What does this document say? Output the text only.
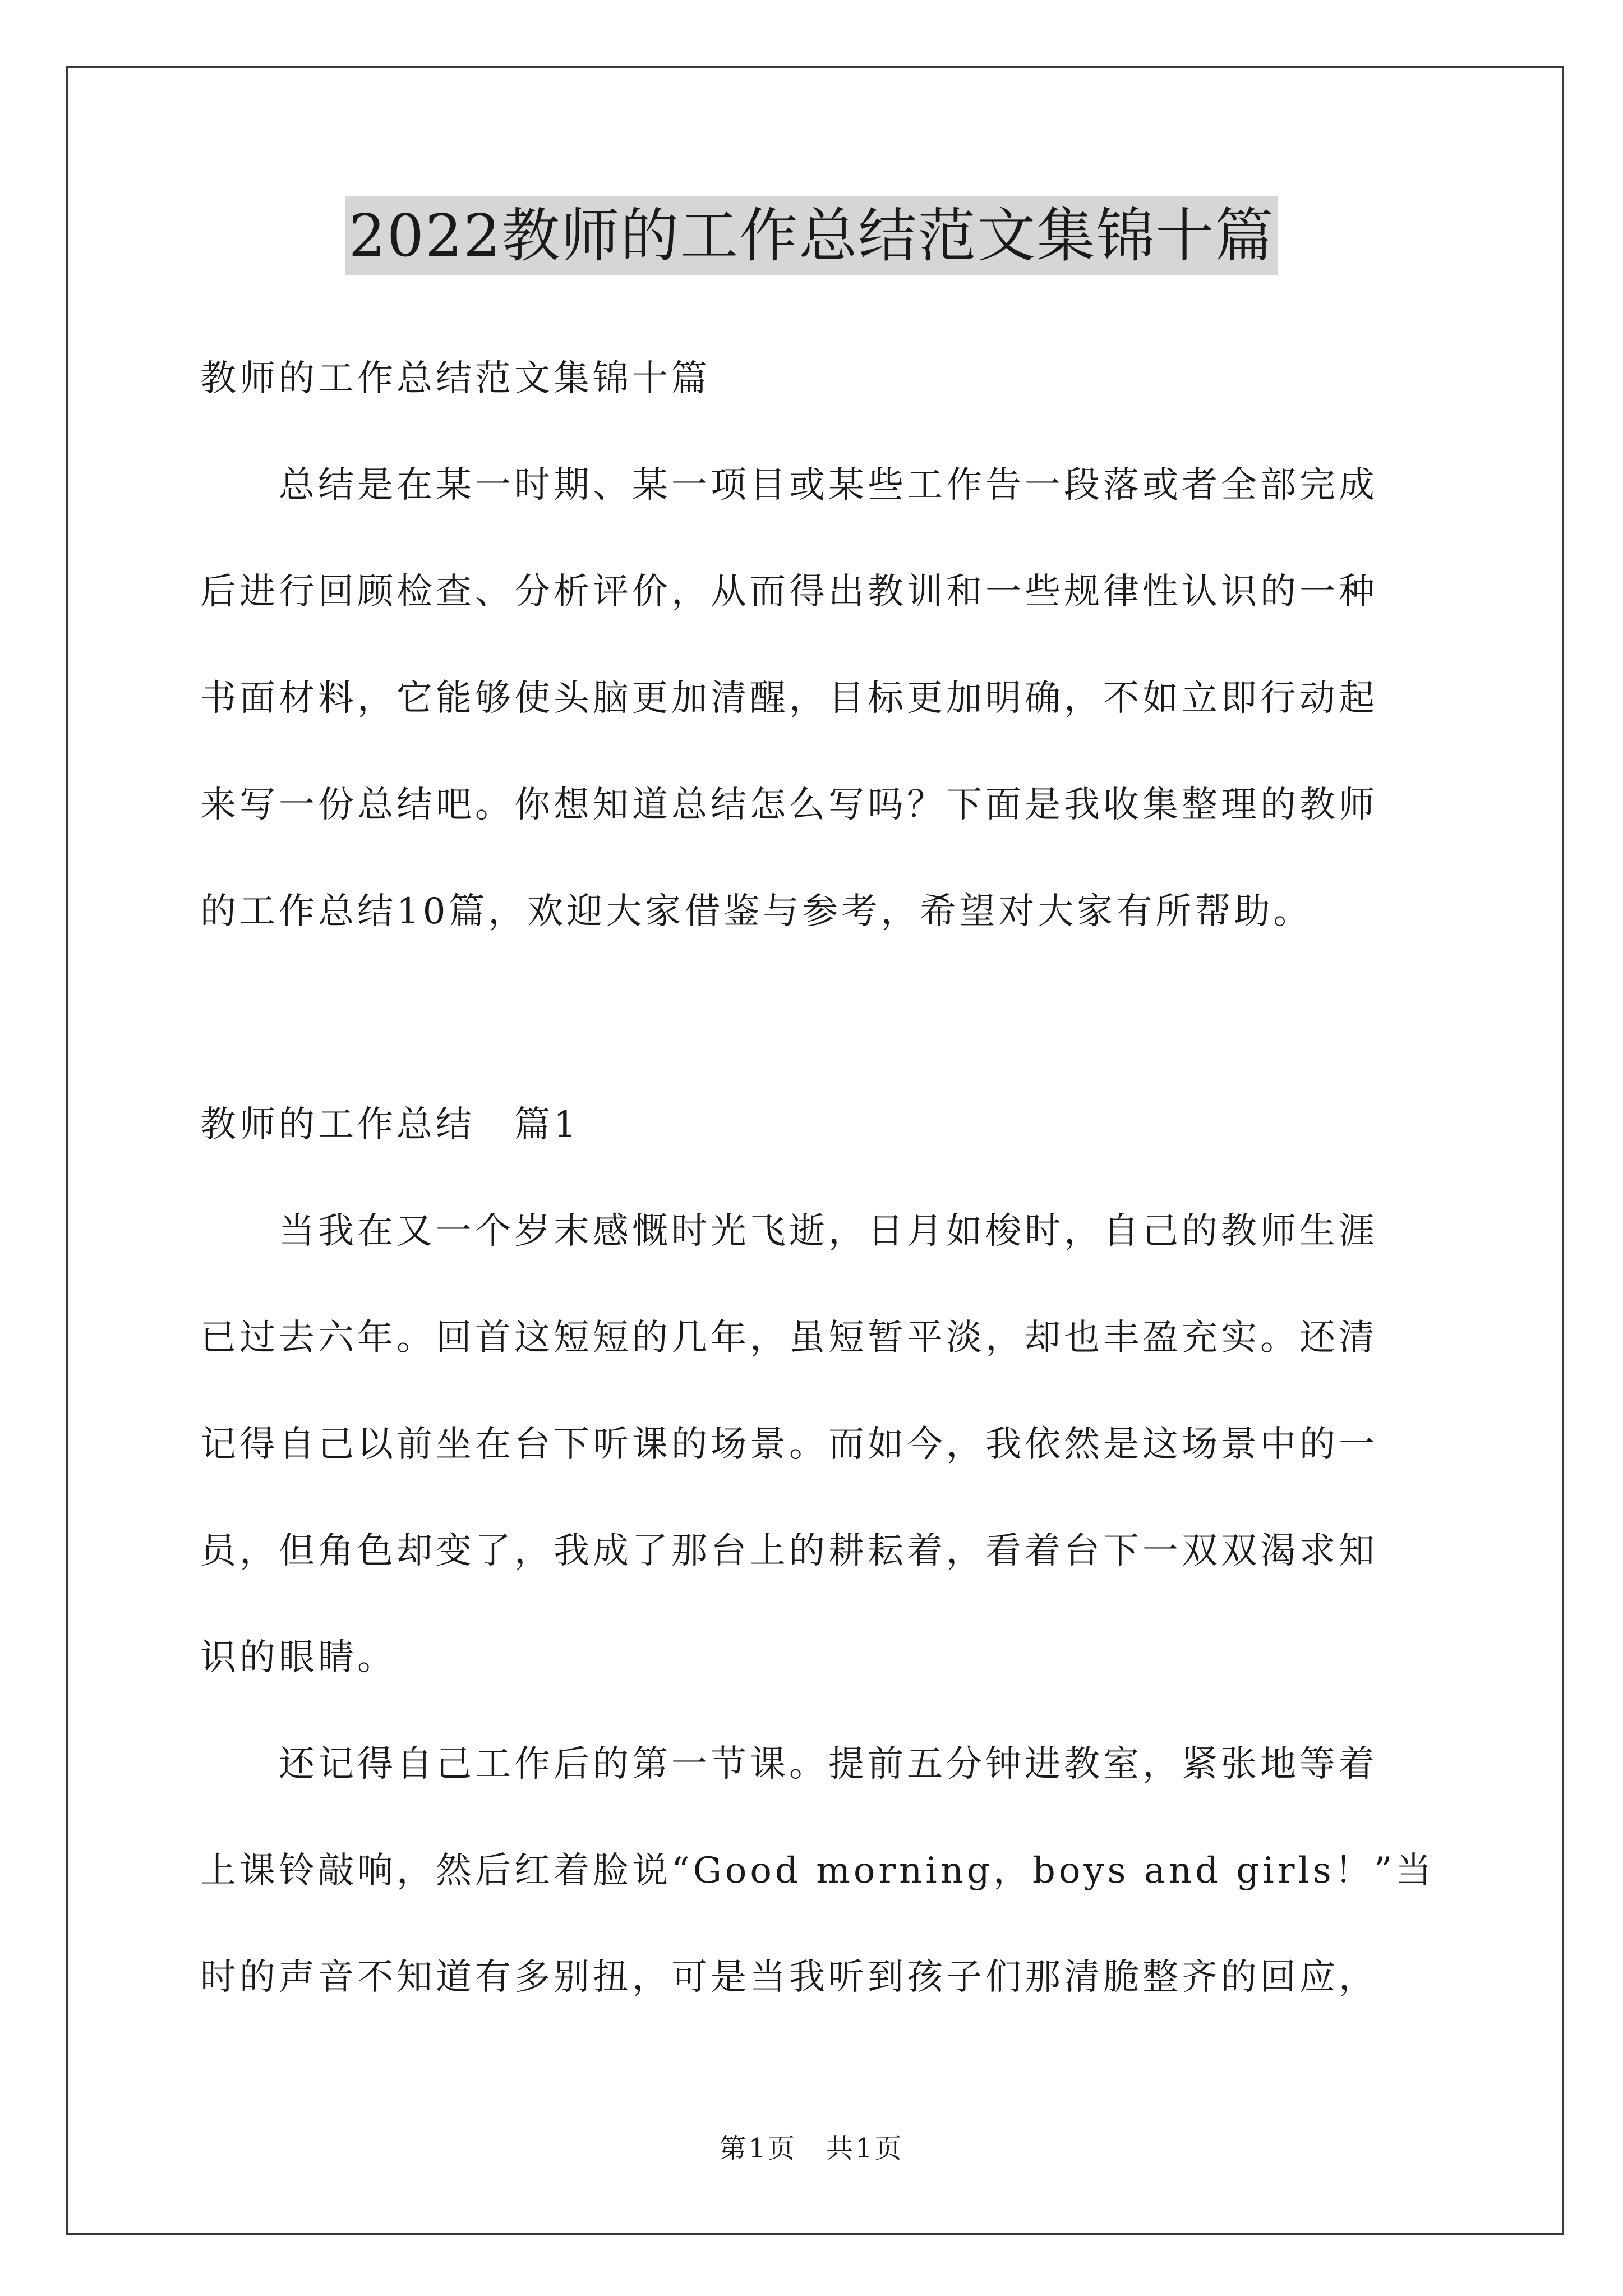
2022教师的工作总结范文集锦十篇
教师的工作总结范文集锦十篇
　　总结是在某一时期、某一项目或某些工作告一段落或者全部完成
后进行回顾检查、分析评价，从而得出教训和一些规律性认识的一种
书面材料，它能够使头脑更加清醒，目标更加明确，不如立即行动起
来写一份总结吧。你想知道总结怎么写吗？下面是我收集整理的教师
的工作总结10篇，欢迎大家借鉴与参考，希望对大家有所帮助。
教师的工作总结　篇1
　　当我在又一个岁末感慨时光飞逝，日月如梭时，自己的教师生涯
已过去六年。回首这短短的几年，虽短暂平淡，却也丰盈充实。还清
记得自己以前坐在台下听课的场景。而如今，我依然是这场景中的一
员，但角色却变了，我成了那台上的耕耘着，看着台下一双双渴求知
识的眼睛。
　　还记得自己工作后的第一节课。提前五分钟进教室，紧张地等着
上课铃敲响，然后红着脸说“Good morning，boys and girls！”当
时的声音不知道有多别扭，可是当我听到孩子们那清脆整齐的回应，
第1页　共1页
